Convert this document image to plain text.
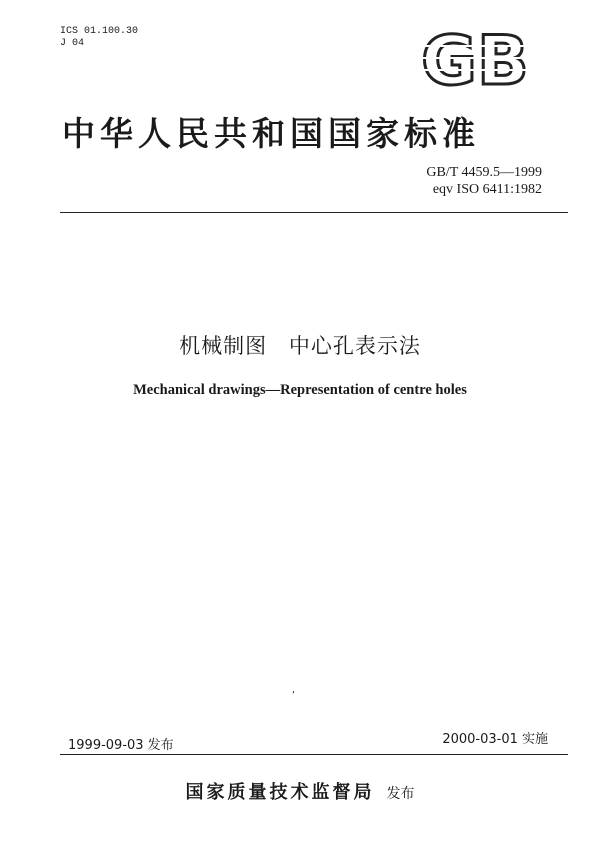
ICS 01.100.30
J 04	GB
中华人民共和国国家标准
GB/T 4459.5—1999
eqv ISO 6411:1982
机械制图 中心孔表示法
Mechanical drawings—Representation of centre holes
,
1999-09-03 发布	2000-03-01 实施
国家质量技术监督局 发布
